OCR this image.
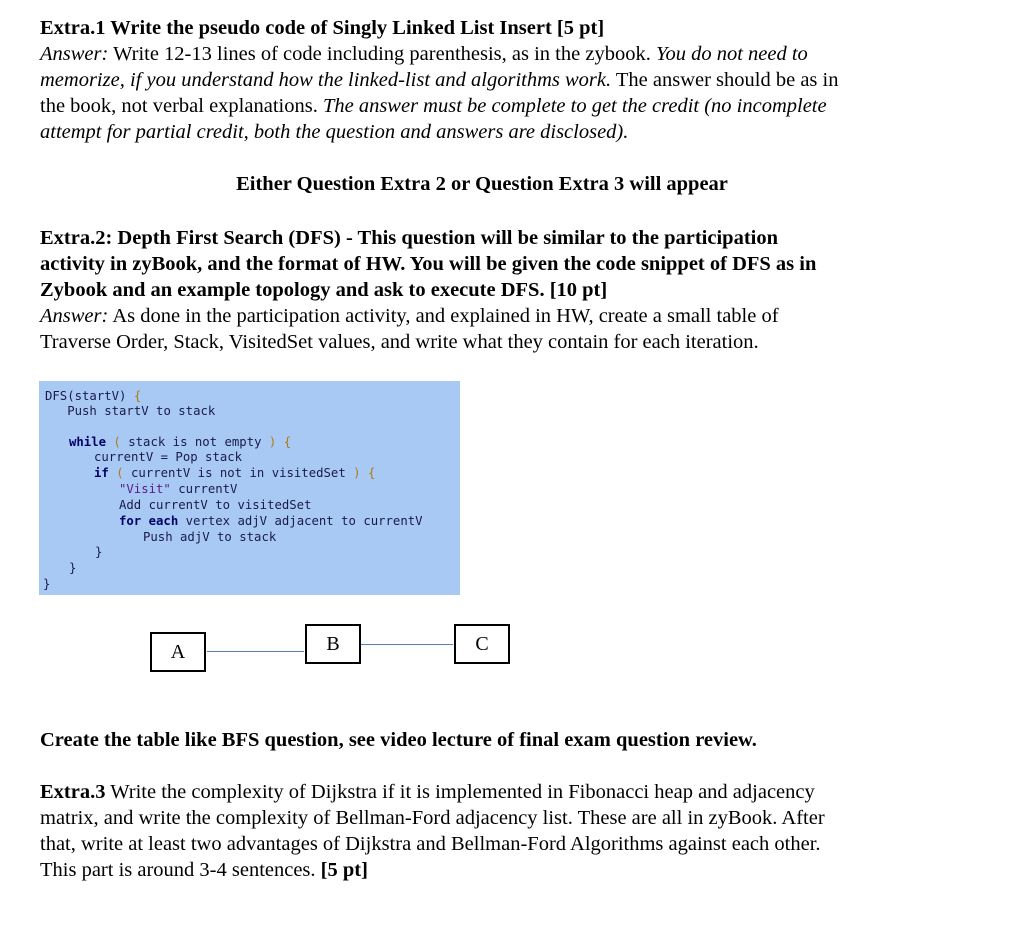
Extra.1 Write the pseudo code of Singly Linked List Insert [5 pt]
Answer: Write 12-13 lines of code including parenthesis, as in the zybook. You do not need to
memorize, if you understand how the linked-list and algorithms work. The answer should be as in
the book, not verbal explanations. The answer must be complete to get the credit (no incomplete
attempt for partial credit, both the question and answers are disclosed).
Either Question Extra 2 or Question Extra 3 will appear
Extra.2: Depth First Search (DFS) - This question will be similar to the participation
activity in zyBook, and the format of HW. You will be given the code snippet of DFS as in
Zybook and an example topology and ask to execute DFS. [10 pt]
Answer: As done in the participation activity, and explained in HW, create a small table of
Traverse Order, Stack, VisitedSet values, and write what they contain for each iteration.
DFS(startV) {
Push startV to stack
while ( stack is not empty ) {
currentV = Pop stack
if ( currentV is not in visitedSet ) {
"Visit" currentV
Add currentV to visitedSet
for each vertex adjV adjacent to currentV
Push adjV to stack
}
}
}
A	B	C
Create the table like BFS question, see video lecture of final exam question review.
Extra.3 Write the complexity of Dijkstra if it is implemented in Fibonacci heap and adjacency
matrix, and write the complexity of Bellman-Ford adjacency list. These are all in zyBook. After
that, write at least two advantages of Dijkstra and Bellman-Ford Algorithms against each other.
This part is around 3-4 sentences. [5 pt]
